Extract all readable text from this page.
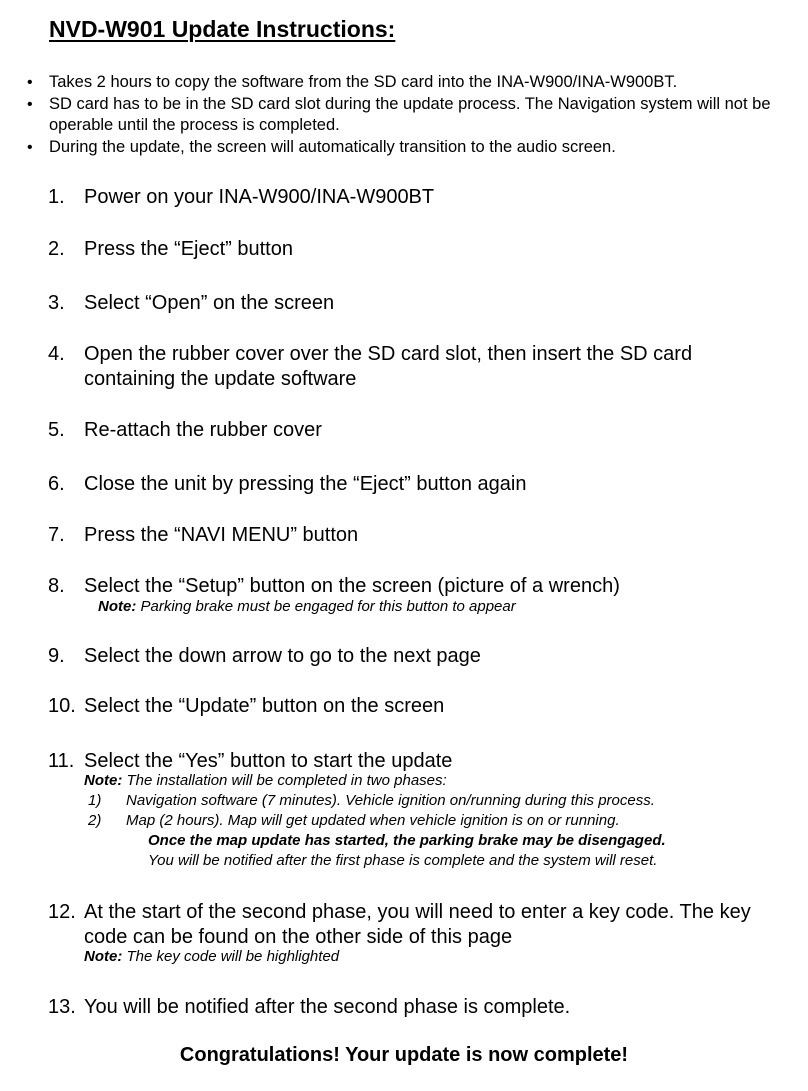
NVD-W901 Update Instructions:
• Takes 2 hours to copy the software from the SD card into the INA-W900/INA-W900BT.
• SD card has to be in the SD card slot during the update process. The Navigation system will not be operable until the process is completed.
• During the update, the screen will automatically transition to the audio screen.
1. Power on your INA-W900/INA-W900BT
2. Press the “Eject” button
3. Select “Open” on the screen
4. Open the rubber cover over the SD card slot, then insert the SD card containing the update software
5. Re-attach the rubber cover
6. Close the unit by pressing the “Eject” button again
7. Press the “NAVI MENU” button
8. Select the “Setup” button on the screen (picture of a wrench)
Note: Parking brake must be engaged for this button to appear
9. Select the down arrow to go to the next page
10. Select the “Update” button on the screen
11. Select the “Yes” button to start the update
Note: The installation will be completed in two phases:
1) Navigation software (7 minutes). Vehicle ignition on/running during this process.
2) Map (2 hours). Map will get updated when vehicle ignition is on or running.
Once the map update has started, the parking brake may be disengaged.
You will be notified after the first phase is complete and the system will reset.
12. At the start of the second phase, you will need to enter a key code. The key code can be found on the other side of this page
Note: The key code will be highlighted
13. You will be notified after the second phase is complete.
Congratulations! Your update is now complete!
